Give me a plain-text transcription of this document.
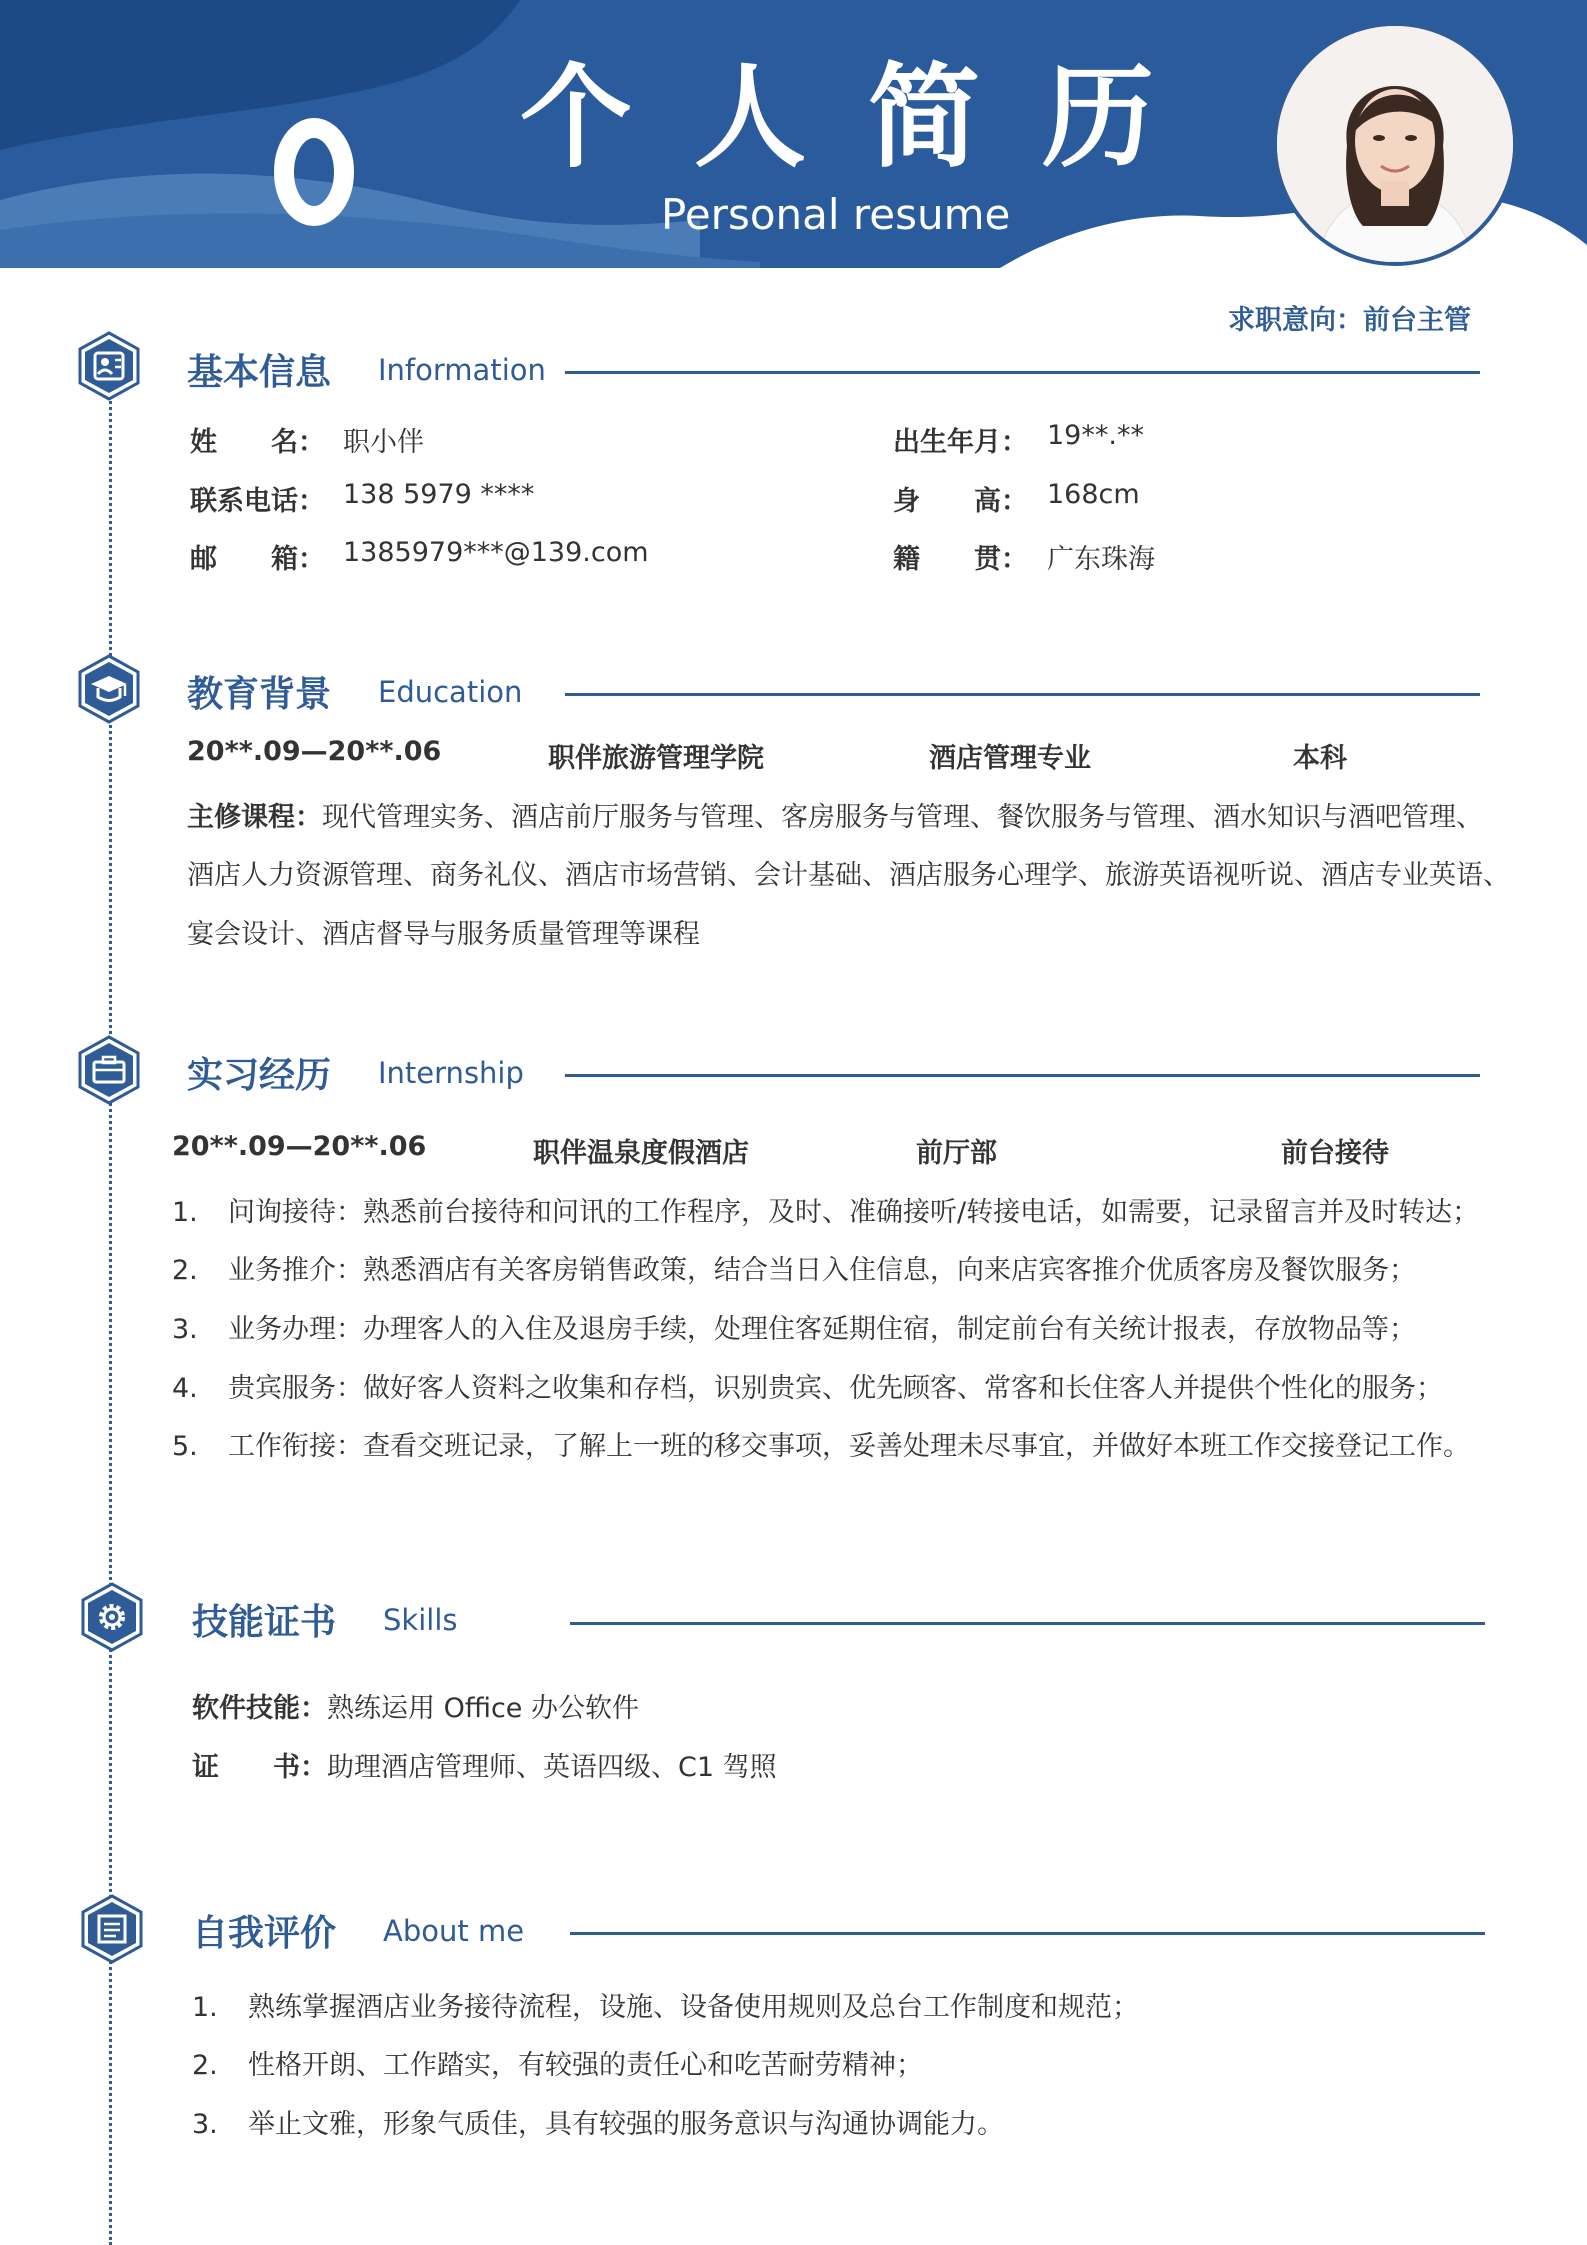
个人简历
Personal resume
求职意向：前台主管
基本信息 Information
姓　　名： 职小伴	出生年月： 19**.**
联系电话： 138 5979 ****	身　　高： 168cm
邮　　箱： 1385979***@139.com	籍　　贯： 广东珠海
教育背景 Education
20**.09—20**.06	职伴旅游管理学院	酒店管理专业	本科
主修课程：现代管理实务、酒店前厅服务与管理、客房服务与管理、餐饮服务与管理、酒水知识与酒吧管理、
酒店人力资源管理、商务礼仪、酒店市场营销、会计基础、酒店服务心理学、旅游英语视听说、酒店专业英语、
宴会设计、酒店督导与服务质量管理等课程
实习经历 Internship
20**.09—20**.06	职伴温泉度假酒店	前厅部	前台接待
1. 问询接待：熟悉前台接待和问讯的工作程序，及时、准确接听/转接电话，如需要，记录留言并及时转达；
2. 业务推介：熟悉酒店有关客房销售政策，结合当日入住信息，向来店宾客推介优质客房及餐饮服务；
3. 业务办理：办理客人的入住及退房手续，处理住客延期住宿，制定前台有关统计报表，存放物品等；
4. 贵宾服务：做好客人资料之收集和存档，识别贵宾、优先顾客、常客和长住客人并提供个性化的服务；
5. 工作衔接：查看交班记录，了解上一班的移交事项，妥善处理未尽事宜，并做好本班工作交接登记工作。
技能证书 Skills
软件技能：熟练运用 Office 办公软件
证　　书：助理酒店管理师、英语四级、C1 驾照
自我评价 About me
1. 熟练掌握酒店业务接待流程，设施、设备使用规则及总台工作制度和规范；
2. 性格开朗、工作踏实，有较强的责任心和吃苦耐劳精神；
3. 举止文雅，形象气质佳，具有较强的服务意识与沟通协调能力。
